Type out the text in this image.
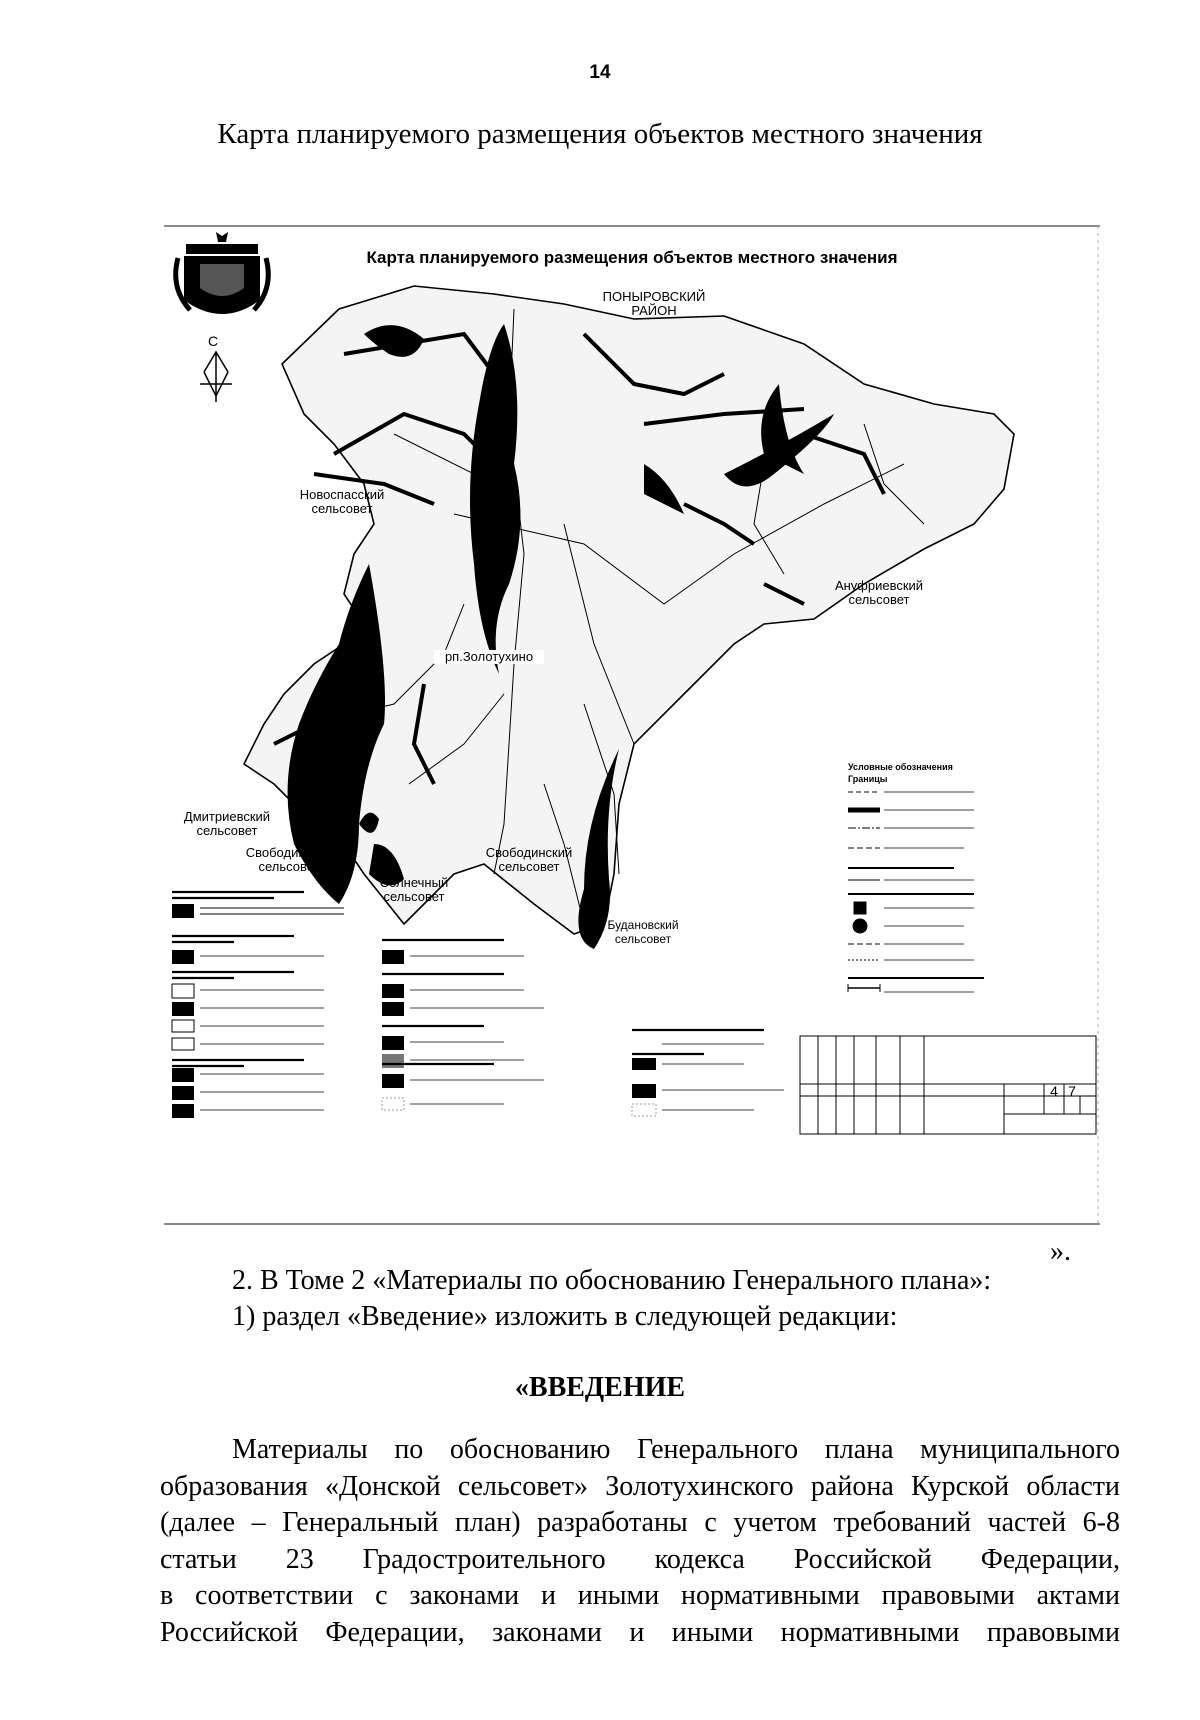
14
Карта планируемого размещения объектов местного значения
Карта планируемого размещения объектов местного значения
С
ПОНЫРОВСКИЙ
РАЙОН
Новоспасский
сельсовет
Ануфриевский
сельсовет
рп.Золотухино
Дмитриевский
сельсовет
Свободинский
сельсовет
Свободинский
сельсовет
Солнечный
сельсовет
Будановский
сельсовет
Условные обозначения
Границы
4 7
».
2. В Томе 2 «Материалы по обоснованию Генерального плана»:
1) раздел «Введение» изложить в следующей редакции:
«ВВЕДЕНИЕ
Материалы по обоснованию Генерального плана муниципального
образования «Донской сельсовет» Золотухинского района Курской области
(далее – Генеральный план) разработаны с учетом требований частей 6-8
статьи 23 Градостроительного кодекса Российской Федерации,
в соответствии с законами и иными нормативными правовыми актами
Российской Федерации, законами и иными нормативными правовыми
